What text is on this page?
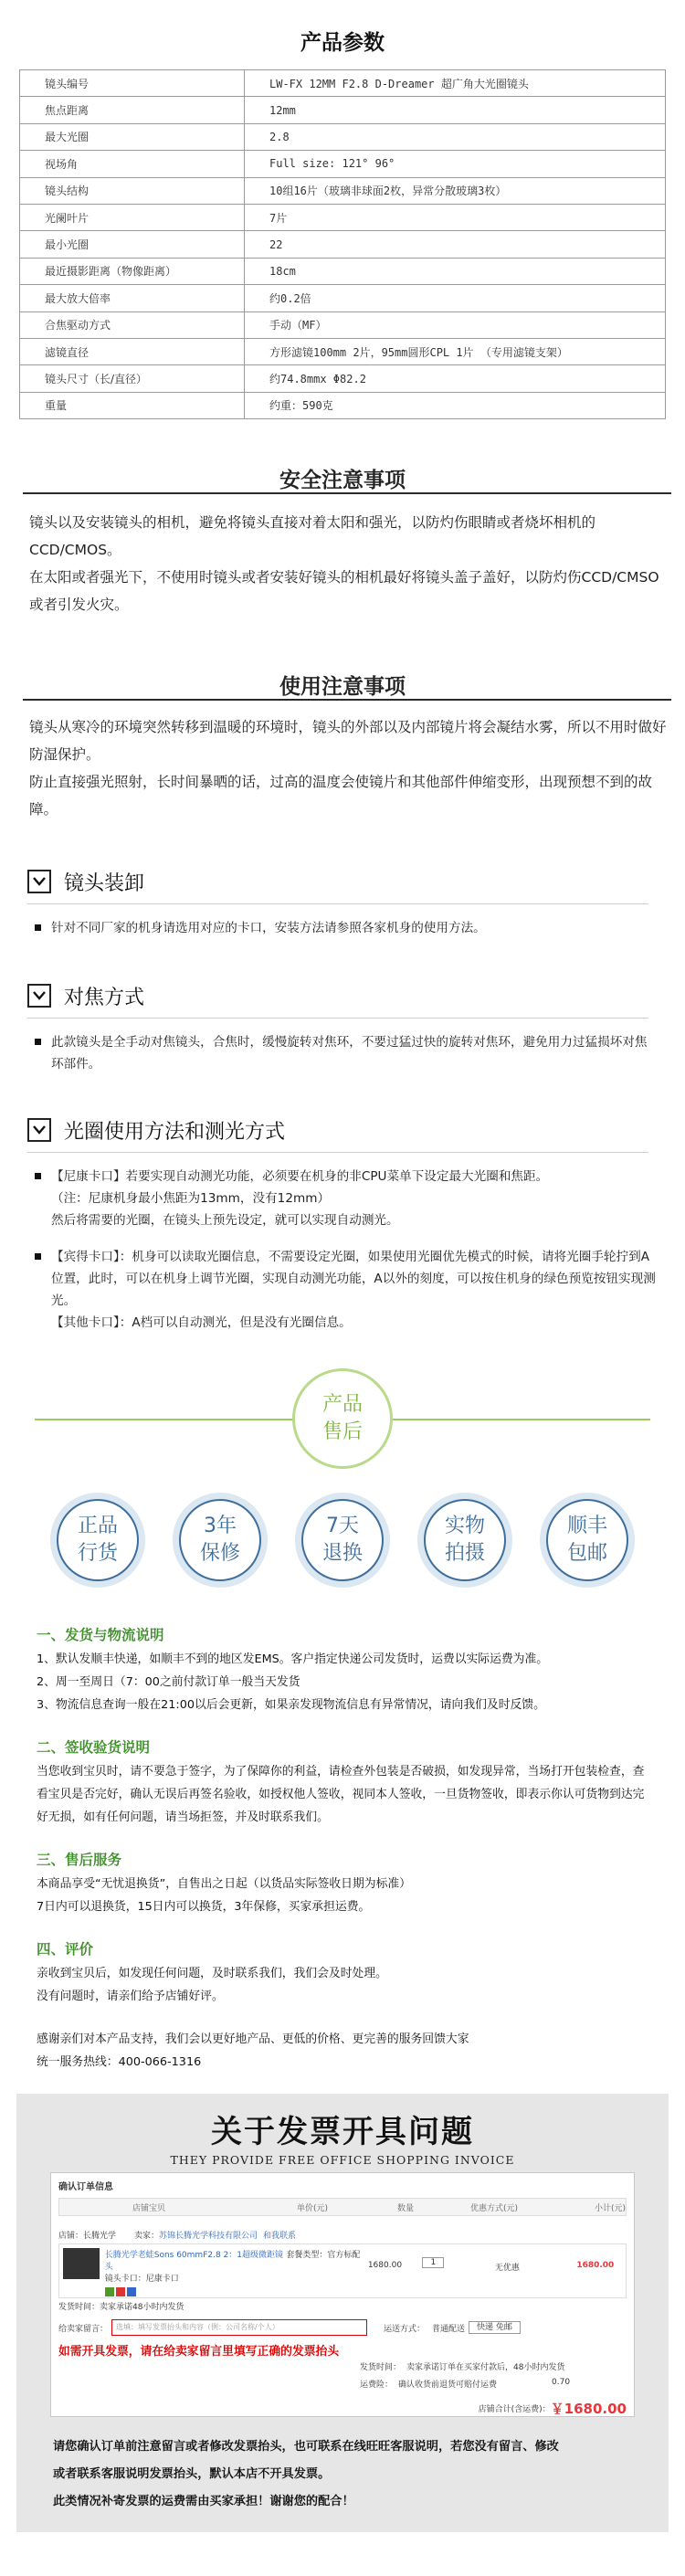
产品参数
镜头编号	LW-FX 12MM F2.8 D-Dreamer 超广角大光圈镜头
焦点距离	12mm
最大光圈	2.8
视场角	Full size: 121° 96°
镜头结构	10组16片（玻璃非球面2枚，异常分散玻璃3枚）
光阑叶片	7片
最小光圈	22
最近摄影距离（物像距离）	18cm
最大放大倍率	约0.2倍
合焦驱动方式	手动（MF）
滤镜直径	方形滤镜100mm 2片，95mm圆形CPL 1片 （专用滤镜支架）
镜头尺寸（长/直径）	约74.8mmx Φ82.2
重量	约重：590克
安全注意事项
镜头以及安装镜头的相机，避免将镜头直接对着太阳和强光，以防灼伤眼睛或者烧坏相机的CCD/CMOS。
在太阳或者强光下，不使用时镜头或者安装好镜头的相机最好将镜头盖子盖好，以防灼伤CCD/CMSO或者引发火灾。
使用注意事项
镜头从寒冷的环境突然转移到温暖的环境时，镜头的外部以及内部镜片将会凝结水雾，所以不用时做好防湿保护。
防止直接强光照射，长时间暴晒的话，过高的温度会使镜片和其他部件伸缩变形，出现预想不到的故障。
镜头装卸
针对不同厂家的机身请选用对应的卡口，安装方法请参照各家机身的使用方法。
对焦方式
此款镜头是全手动对焦镜头，合焦时，缓慢旋转对焦环，不要过猛过快的旋转对焦环，避免用力过猛损坏对焦环部件。
光圈使用方法和测光方式
【尼康卡口】若要实现自动测光功能，必须要在机身的非CPU菜单下设定最大光圈和焦距。
（注：尼康机身最小焦距为13mm，没有12mm）
然后将需要的光圈，在镜头上预先设定，就可以实现自动测光。
【宾得卡口】：机身可以读取光圈信息，不需要设定光圈，如果使用光圈优先模式的时候，请将光圈手轮拧到A位置，此时，可以在机身上调节光圈，实现自动测光功能，A以外的刻度，可以按住机身的绿色预览按钮实现测光。
【其他卡口】：A档可以自动测光，但是没有光圈信息。
产品
售后
正品
行货
3年
保修
7天
退换
实物
拍摄
顺丰
包邮
一、发货与物流说明

1、默认发顺丰快递，如顺丰不到的地区发EMS。客户指定快递公司发货时，运费以实际运费为准。

2、周一至周日（7：00之前付款订单一般当天发货

3、物流信息查询一般在21:00以后会更新，如果亲发现物流信息有异常情况，请向我们及时反馈。

二、签收验货说明

当您收到宝贝时，请不要急于签字，为了保障你的利益，请检查外包装是否破损，如发现异常，当场打开包装检查，查看宝贝是否完好，确认无误后再签名验收，如授权他人签收，视同本人签收，一旦货物签收，即表示你认可货物到达完好无损，如有任何问题，请当场拒签，并及时联系我们。

三、售后服务

本商品享受“无忧退换货”，自售出之日起（以货品实际签收日期为标准）

7日内可以退换货，15日内可以换货，3年保修，买家承担运费。

四、评价

亲收到宝贝后，如发现任何问题，及时联系我们，我们会及时处理。

没有问题时，请亲们给予店铺好评。

感谢亲们对本产品支持，我们会以更好地产品、更低的价格、更完善的服务回馈大家

统一服务热线：400-066-1316

关于发票开具问题
THEY PROVIDE FREE OFFICE SHOPPING INVOICE
确认订单信息
店铺宝贝	单价(元)	数量	优惠方式(元)	小计(元)
店铺：长腾光学 卖家： 苏锦长腾光学科技有限公司 和我联系
长腾光学老蛙Sons 60mmF2.8 2：1超级微距镜头
镜头卡口：尼康卡口
套餐类型：官方标配
1680.00	1
无优惠	1680.00
发货时间：卖家承诺48小时内发货
给卖家留言：	选填：填写发票抬头和内容（例：公司名称/个人）	运送方式： 普通配送	快递 免邮
如需开具发票，请在给卖家留言里填写正确的发票抬头
发货时间： 卖家承诺订单在买家付款后，48小时内发货
运费险： 确认收货前退货可赔付运费	0.70
店铺合计(含运费)： ￥1680.00
请您确认订单前注意留言或者修改发票抬头，也可联系在线旺旺客服说明，若您没有留言、修改
或者联系客服说明发票抬头，默认本店不开具发票。
此类情况补寄发票的运费需由买家承担！谢谢您的配合！
